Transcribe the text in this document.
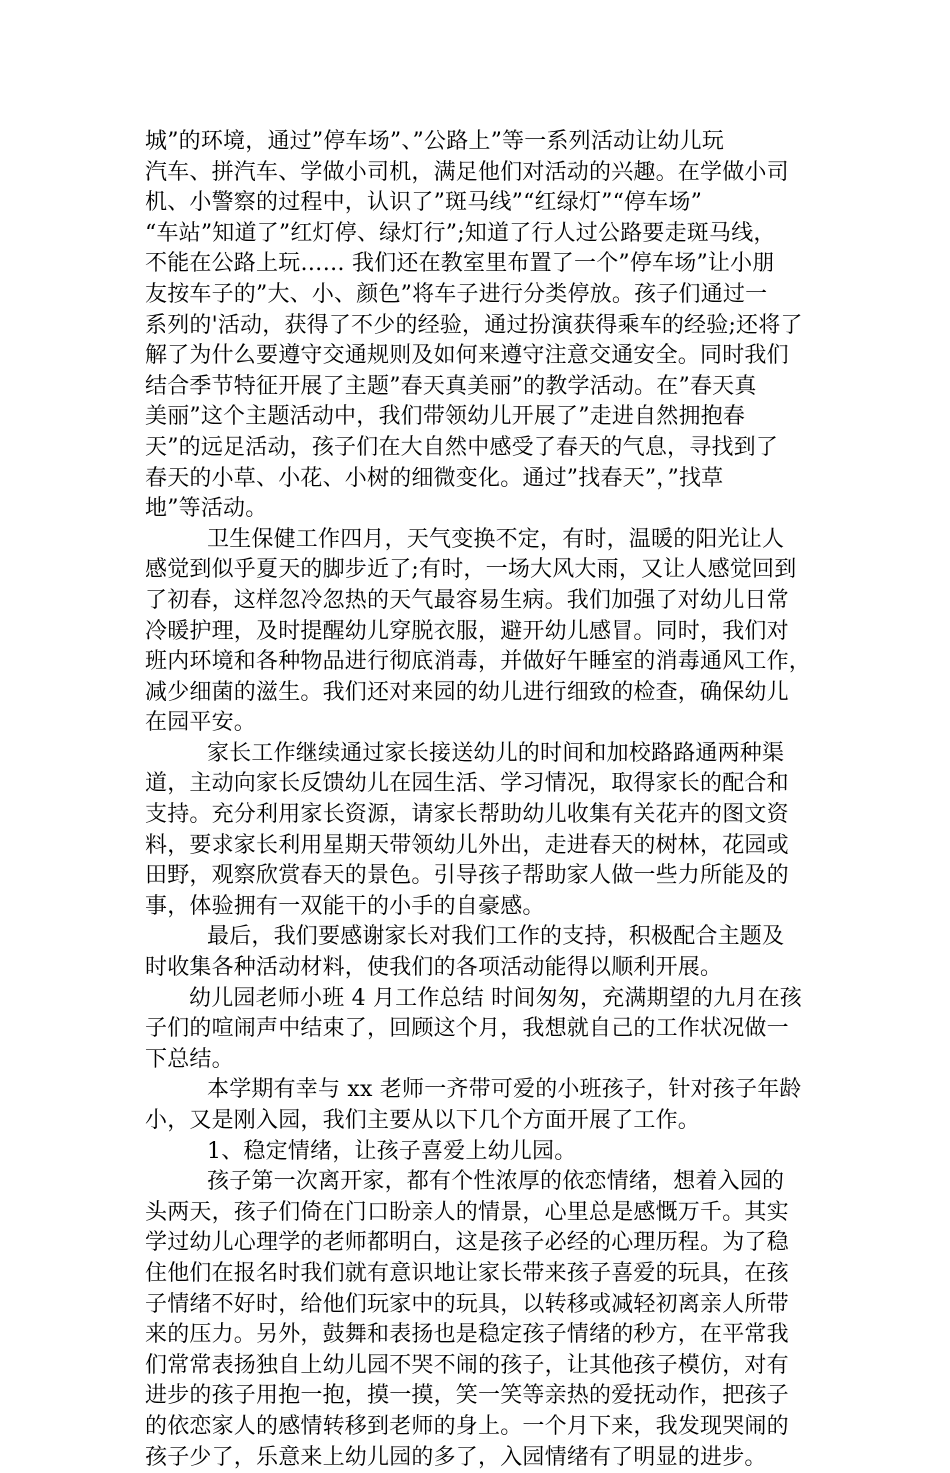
城”的环境，通过”停车场”、”公路上”等一系列活动让幼儿玩
汽车、拼汽车、学做小司机，满足他们对活动的兴趣。在学做小司
机、小警察的过程中，认识了”斑马线”“红绿灯”“停车场”
“车站”知道了”红灯停、绿灯行”;知道了行人过公路要走斑马线，
不能在公路上玩…… 我们还在教室里布置了一个”停车场”让小朋
友按车子的”大、小、颜色”将车子进行分类停放。孩子们通过一
系列的'活动，获得了不少的经验，通过扮演获得乘车的经验;还将了
解了为什么要遵守交通规则及如何来遵守注意交通安全。同时我们
结合季节特征开展了主题”春天真美丽”的教学活动。在”春天真
美丽”这个主题活动中，我们带领幼儿开展了”走进自然拥抱春
天”的远足活动，孩子们在大自然中感受了春天的气息，寻找到了
春天的小草、小花、小树的细微变化。通过”找春天”，”找草
地”等活动。
卫生保健工作四月，天气变换不定，有时，温暖的阳光让人
感觉到似乎夏天的脚步近了;有时，一场大风大雨，又让人感觉回到
了初春，这样忽冷忽热的天气最容易生病。我们加强了对幼儿日常
冷暖护理，及时提醒幼儿穿脱衣服，避开幼儿感冒。同时，我们对
班内环境和各种物品进行彻底消毒，并做好午睡室的消毒通风工作，
减少细菌的滋生。我们还对来园的幼儿进行细致的检查，确保幼儿
在园平安。
家长工作继续通过家长接送幼儿的时间和加校路路通两种渠
道，主动向家长反馈幼儿在园生活、学习情况，取得家长的配合和
支持。充分利用家长资源，请家长帮助幼儿收集有关花卉的图文资
料，要求家长利用星期天带领幼儿外出，走进春天的树林，花园或
田野，观察欣赏春天的景色。引导孩子帮助家人做一些力所能及的
事，体验拥有一双能干的小手的自豪感。
最后，我们要感谢家长对我们工作的支持，积极配合主题及
时收集各种活动材料，使我们的各项活动能得以顺利开展。
幼儿园老师小班 4 月工作总结 时间匆匆，充满期望的九月在孩
子们的喧闹声中结束了，回顾这个月，我想就自己的工作状况做一
下总结。
本学期有幸与 xx 老师一齐带可爱的小班孩子，针对孩子年龄
小，又是刚入园，我们主要从以下几个方面开展了工作。
1、稳定情绪，让孩子喜爱上幼儿园。
孩子第一次离开家，都有个性浓厚的依恋情绪，想着入园的
头两天，孩子们倚在门口盼亲人的情景，心里总是感慨万千。其实
学过幼儿心理学的老师都明白，这是孩子必经的心理历程。为了稳
住他们在报名时我们就有意识地让家长带来孩子喜爱的玩具，在孩
子情绪不好时，给他们玩家中的玩具，以转移或减轻初离亲人所带
来的压力。另外，鼓舞和表扬也是稳定孩子情绪的秒方，在平常我
们常常表扬独自上幼儿园不哭不闹的孩子，让其他孩子模仿，对有
进步的孩子用抱一抱，摸一摸，笑一笑等亲热的爱抚动作，把孩子
的依恋家人的感情转移到老师的身上。一个月下来，我发现哭闹的
孩子少了，乐意来上幼儿园的多了，入园情绪有了明显的进步。
